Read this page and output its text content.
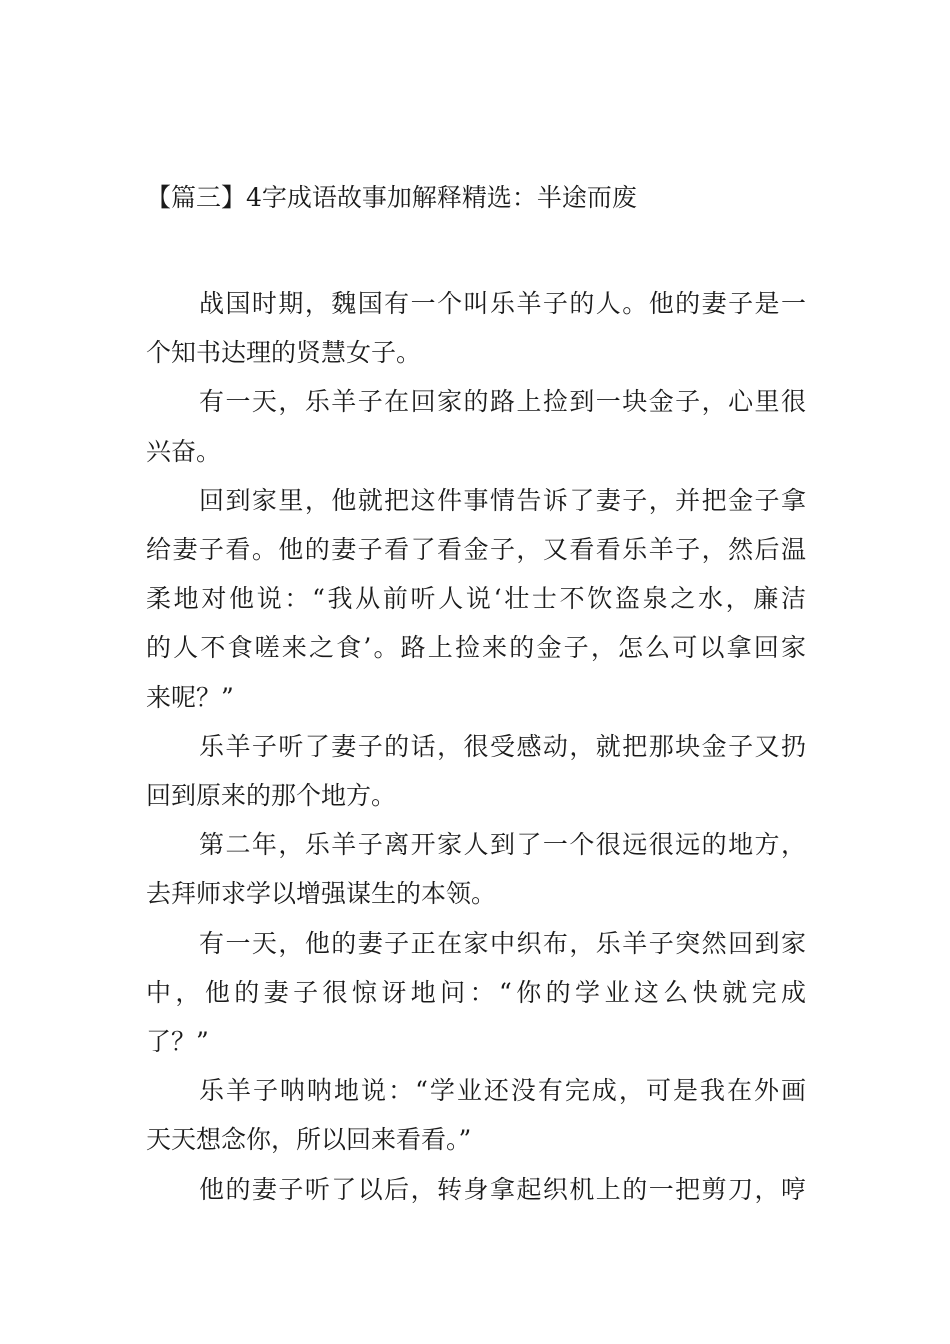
【篇三】4字成语故事加解释精选：半途而废

战国时期，魏国有一个叫乐羊子的人。他的妻子是一
个知书达理的贤慧女子。

有一天，乐羊子在回家的路上捡到一块金子，心里很
兴奋。

回到家里，他就把这件事情告诉了妻子，并把金子拿
给妻子看。他的妻子看了看金子，又看看乐羊子，然后温
柔地对他说：“我从前听人说‘壮士不饮盗泉之水，廉洁
的人不食嗟来之食’。路上捡来的金子，怎么可以拿回家
来呢？”

乐羊子听了妻子的话，很受感动，就把那块金子又扔
回到原来的那个地方。

第二年，乐羊子离开家人到了一个很远很远的地方，
去拜师求学以增强谋生的本领。

有一天，他的妻子正在家中织布，乐羊子突然回到家
中，他的妻子很惊讶地问：“你的学业这么快就完成
了？”

乐羊子呐呐地说：“学业还没有完成，可是我在外画
天天想念你，所以回来看看。”

他的妻子听了以后，转身拿起织机上的一把剪刀，哼
